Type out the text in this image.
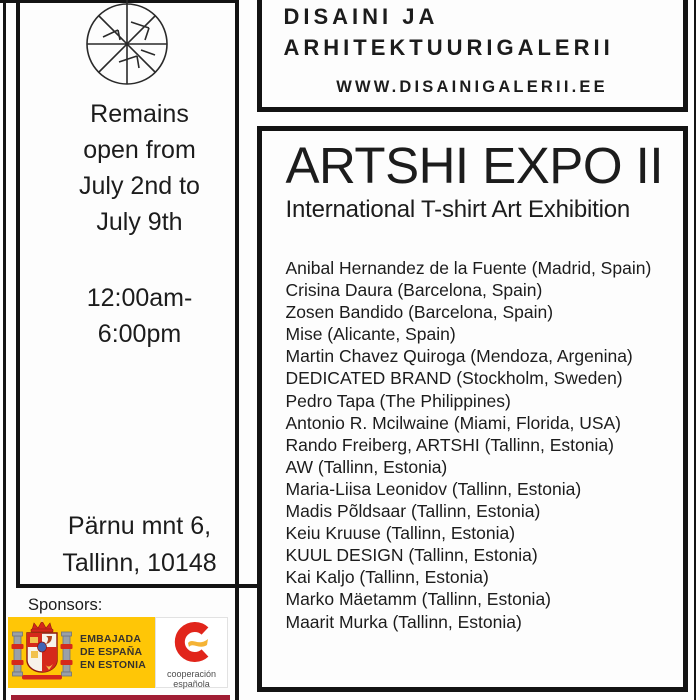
Remains
open from
July 2nd to
July 9th
12:00am-
6:00pm
Pärnu mnt 6,
Tallinn, 10148
DISAINI JA
ARHITEKTUURIGALERII
WWW.DISAINIGALERII.EE
ARTSHI EXPO II
International T-shirt Art Exhibition
Anibal Hernandez de la Fuente (Madrid, Spain)
Crisina Daura (Barcelona, Spain)
Zosen Bandido (Barcelona, Spain)
Mise (Alicante, Spain)
Martin Chavez Quiroga (Mendoza, Argenina)
DEDICATED BRAND (Stockholm, Sweden)
Pedro Tapa (The Philippines)
Antonio R. Mcilwaine (Miami, Florida, USA)
Rando Freiberg, ARTSHI (Tallinn, Estonia)
AW (Tallinn, Estonia)
Maria-Liisa Leonidov (Tallinn, Estonia)
Madis Põldsaar (Tallinn, Estonia)
Keiu Kruuse (Tallinn, Estonia)
KUUL DESIGN (Tallinn, Estonia)
Kai Kaljo (Tallinn, Estonia)
Marko Mäetamm (Tallinn, Estonia)
Maarit Murka (Tallinn, Estonia)
Sponsors:
EMBAJADA
DE ESPAÑA
EN ESTONIA
cooperación
española
